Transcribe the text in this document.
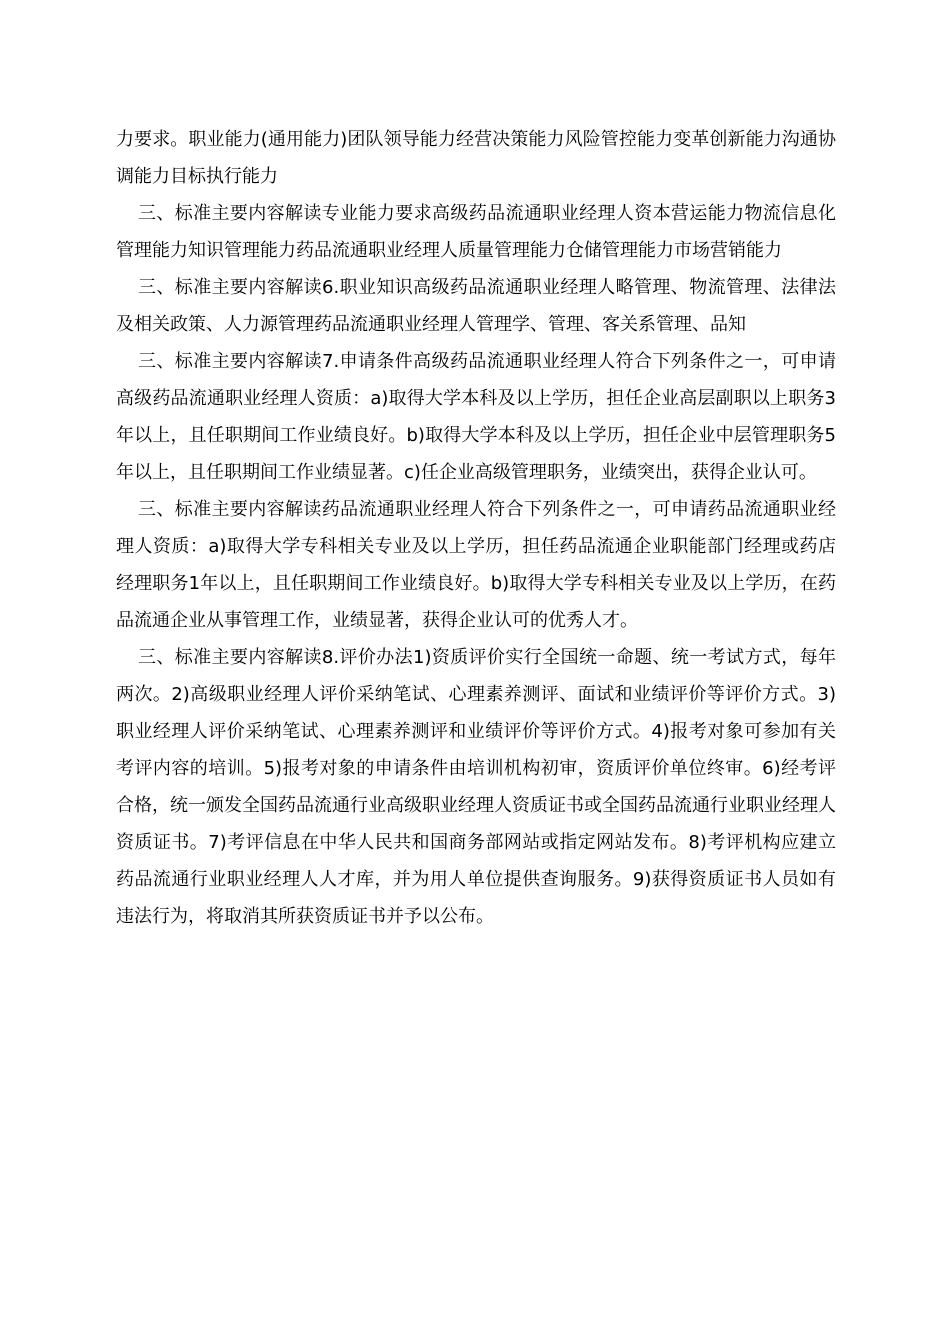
力要求。职业能力(通用能力)团队领导能力经营决策能力风险管控能力变革创新能力沟通协调能力目标执行能力

三、标准主要内容解读专业能力要求高级药品流通职业经理人资本营运能力物流信息化管理能力知识管理能力药品流通职业经理人质量管理能力仓储管理能力市场营销能力

三、标准主要内容解读6.职业知识高级药品流通职业经理人略管理、物流管理、法律法及相关政策、人力源管理药品流通职业经理人管理学、管理、客关系管理、品知

三、标准主要内容解读7.申请条件高级药品流通职业经理人符合下列条件之一，可申请高级药品流通职业经理人资质：a)取得大学本科及以上学历，担任企业高层副职以上职务3年以上，且任职期间工作业绩良好。b)取得大学本科及以上学历，担任企业中层管理职务5年以上，且任职期间工作业绩显著。c)任企业高级管理职务，业绩突出，获得企业认可。

三、标准主要内容解读药品流通职业经理人符合下列条件之一，可申请药品流通职业经理人资质：a)取得大学专科相关专业及以上学历，担任药品流通企业职能部门经理或药店经理职务1年以上，且任职期间工作业绩良好。b)取得大学专科相关专业及以上学历，在药品流通企业从事管理工作，业绩显著，获得企业认可的优秀人才。

三、标准主要内容解读8.评价办法1)资质评价实行全国统一命题、统一考试方式，每年两次。2)高级职业经理人评价采纳笔试、心理素养测评、面试和业绩评价等评价方式。3)职业经理人评价采纳笔试、心理素养测评和业绩评价等评价方式。4)报考对象可参加有关考评内容的培训。5)报考对象的申请条件由培训机构初审，资质评价单位终审。6)经考评合格，统一颁发全国药品流通行业高级职业经理人资质证书或全国药品流通行业职业经理人资质证书。7)考评信息在中华人民共和国商务部网站或指定网站发布。8)考评机构应建立药品流通行业职业经理人人才库，并为用人单位提供查询服务。9)获得资质证书人员如有违法行为，将取消其所获资质证书并予以公布。
